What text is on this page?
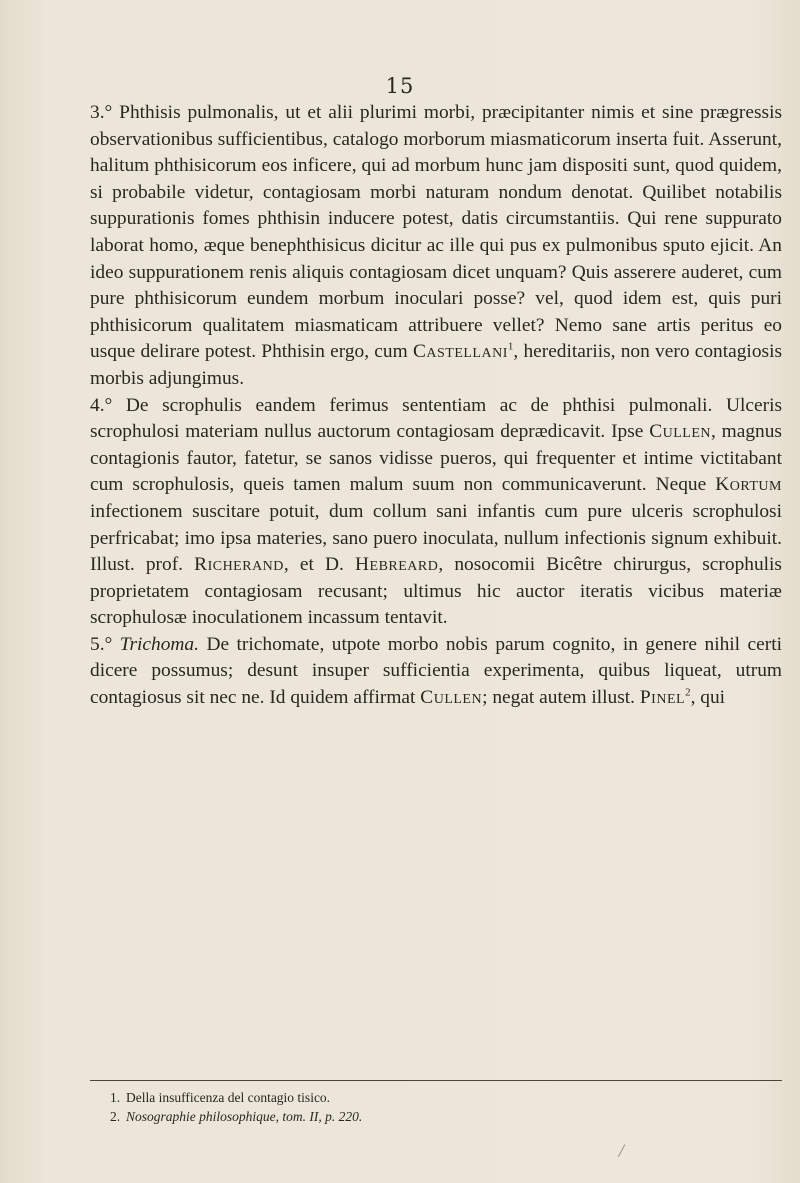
15

3.° Phthisis pulmonalis, ut et alii plurimi morbi, præcipitanter nimis et sine prægressis observationibus sufficientibus, catalogo morborum miasmaticorum inserta fuit. Asserunt, halitum phthisicorum eos inficere, qui ad morbum hunc jam dispositi sunt, quod quidem, si probabile videtur, contagiosam morbi naturam nondum denotat. Quilibet notabilis suppurationis fomes phthisin inducere potest, datis circumstantiis. Qui rene suppurato laborat homo, æque benephthisicus dicitur ac ille qui pus ex pulmonibus sputo ejicit. An ideo suppurationem renis aliquis contagiosam dicet unquam? Quis asserere auderet, cum pure phthisicorum eundem morbum inoculari posse? vel, quod idem est, quis puri phthisicorum qualitatem miasmaticam attribuere vellet? Nemo sane artis peritus eo usque delirare potest. Phthisin ergo, cum Castellani$^1$, hereditariis, non vero contagiosis morbis adjungimus.

4.° De scrophulis eandem ferimus sententiam ac de phthisi pulmonali. Ulceris scrophulosi materiam nullus auctorum contagiosam deprædicavit. Ipse Cullen, magnus contagionis fautor, fatetur, se sanos vidisse pueros, qui frequenter et intime victitabant cum scrophulosis, queis tamen malum suum non communicaverunt. Neque Kortum infectionem suscitare potuit, dum collum sani infantis cum pure ulceris scrophulosi perfricabat; imo ipsa materies, sano puero inoculata, nullum infectionis signum exhibuit. Illust. prof. Richerand, et D. Hebreard, nosocomii Bicêtre chirurgus, scrophulis proprietatem contagiosam recusant; ultimus hic auctor iteratis vicibus materiæ scrophulosæ inoculationem incassum tentavit.

5.° Trichoma. De trichomate, utpote morbo nobis parum cognito, in genere nihil certi dicere possumus; desunt insuper sufficientia experimenta, quibus liqueat, utrum contagiosus sit nec ne. Id quidem affirmat Cullen; negat autem illust. Pinel$^2$, qui

1. Della insufficenza del contagio tisico.

2. Nosographie philosophique, tom. II, p. 220.
